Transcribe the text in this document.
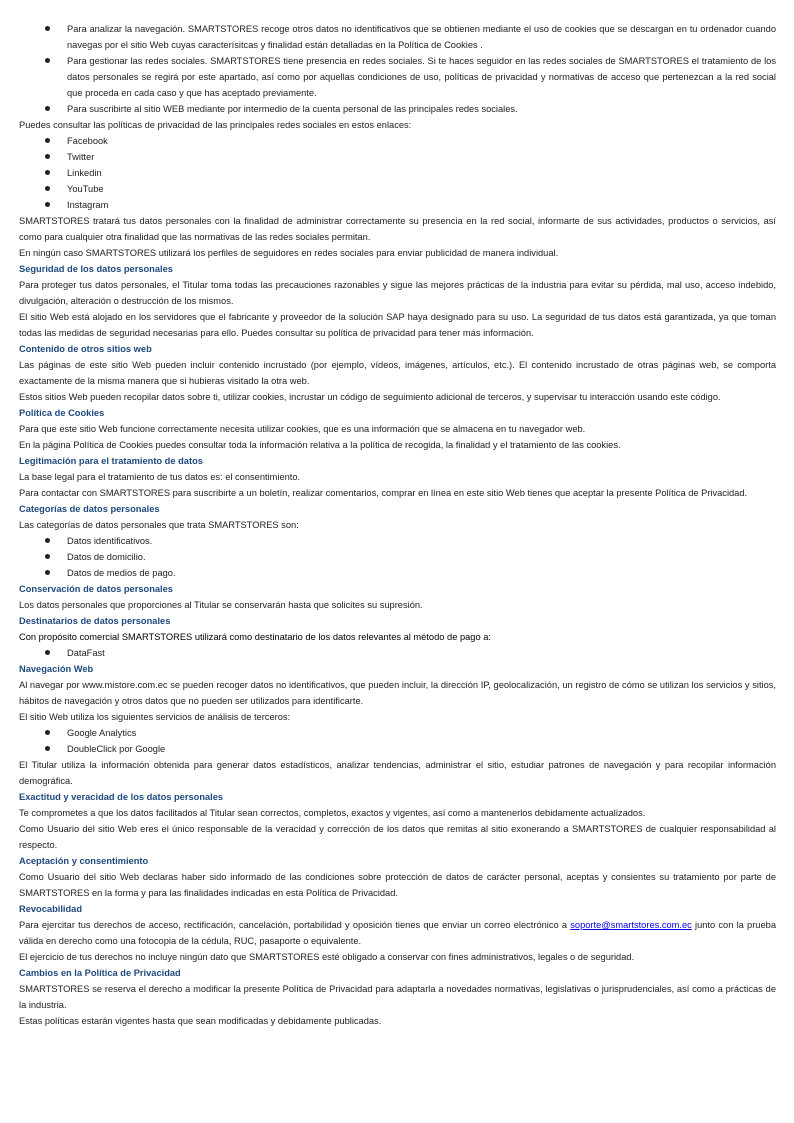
Para analizar la navegación. SMARTSTORES recoge otros datos no identificativos que se obtienen mediante el uso de cookies que se descargan en tu ordenador cuando navegas por el sitio Web cuyas caracterísitcas y finalidad están detalladas en la Política de Cookies .

Para gestionar las redes sociales. SMARTSTORES tiene presencia en redes sociales. Si te haces seguidor en las redes sociales de SMARTSTORES el tratamiento de los datos personales se regirá por este apartado, así como por aquellas condiciones de uso, políticas de privacidad y normativas de acceso que pertenezcan a la red social que proceda en cada caso y que has aceptado previamente.

Para suscribirte al sitio WEB mediante por intermedio de la cuenta personal de las principales redes sociales.

Puedes consultar las políticas de privacidad de las principales redes sociales en estos enlaces:

Facebook

Twitter

Linkedin

YouTube

Instagram

SMARTSTORES tratará tus datos personales con la finalidad de administrar correctamente su presencia en la red social, informarte de sus actividades, productos o servicios, así como para cualquier otra finalidad que las normativas de las redes sociales permitan.

En ningún caso SMARTSTORES utilizará los perfiles de seguidores en redes sociales para enviar publicidad de manera individual.

Seguridad de los datos personales

Para proteger tus datos personales, el Titular toma todas las precauciones razonables y sigue las mejores prácticas de la industria para evitar su pérdida, mal uso, acceso indebido, divulgación, alteración o destrucción de los mismos.

El sitio Web está alojado en los servidores que el fabricante y proveedor de la solución SAP haya designado para su uso. La seguridad de tus datos está garantizada, ya que toman todas las medidas de seguridad necesarias para ello. Puedes consultar su política de privacidad para tener más información.

Contenido de otros sitios web

Las páginas de este sitio Web pueden incluir contenido incrustado (por ejemplo, vídeos, imágenes, artículos, etc.). El contenido incrustado de otras páginas web, se comporta exactamente de la misma manera que si hubieras visitado la otra web.

Estos sitios Web pueden recopilar datos sobre ti, utilizar cookies, incrustar un código de seguimiento adicional de terceros, y supervisar tu interacción usando este código.

Política de Cookies

Para que este sitio Web funcione correctamente necesita utilizar cookies, que es una información que se almacena en tu navegador web.

En la página Política de Cookies puedes consultar toda la información relativa a la política de recogida, la finalidad y el tratamiento de las cookies.

Legitimación para el tratamiento de datos

La base legal para el tratamiento de tus datos es: el consentimiento.

Para contactar con SMARTSTORES para suscribirte a un boletín, realizar comentarios, comprar en línea en este sitio Web tienes que aceptar la presente Política de Privacidad.

Categorías de datos personales

Las categorías de datos personales que trata SMARTSTORES son:

Datos identificativos.

Datos de domicilio.

Datos de medios de pago.

Conservación de datos personales

Los datos personales que proporciones al Titular se conservarán hasta que solicites su supresión.

Destinatarios de datos personales

Con propósito comercial SMARTSTORES utilizará como destinatario de los datos relevantes al método de pago a:

DataFast

Navegación Web

Al navegar por www.mistore.com.ec se pueden recoger datos no identificativos, que pueden incluir, la dirección IP, geolocalización, un registro de cómo se utilizan los servicios y sitios, hábitos de navegación y otros datos que no pueden ser utilizados para identificarte.

El sitio Web utiliza los siguientes servicios de análisis de terceros:

Google Analytics

DoubleClick por Google

El Titular utiliza la información obtenida para generar datos estadísticos, analizar tendencias, administrar el sitio, estudiar patrones de navegación y para recopilar información demográfica.

Exactitud y veracidad de los datos personales

Te comprometes a que los datos facilitados al Titular sean correctos, completos, exactos y vigentes, así como a mantenerlos debidamente actualizados.

Como Usuario del sitio Web eres el único responsable de la veracidad y corrección de los datos que remitas al sitio exonerando a SMARTSTORES de cualquier responsabilidad al respecto.

Aceptación y consentimiento

Como Usuario del sitio Web declaras haber sido informado de las condiciones sobre protección de datos de carácter personal, aceptas y consientes su tratamiento por parte de SMARTSTORES en la forma y para las finalidades indicadas en esta Política de Privacidad.

Revocabilidad

Para ejercitar tus derechos de acceso, rectificación, cancelación, portabilidad y oposición tienes que enviar un correo electrónico a soporte@smartstores.com.ec junto con la prueba válida en derecho como una fotocopia de la cédula, RUC, pasaporte o equivalente.

El ejercicio de tus derechos no incluye ningún dato que SMARTSTORES esté obligado a conservar con fines administrativos, legales o de seguridad.

Cambios en la Política de Privacidad

SMARTSTORES se reserva el derecho a modificar la presente Política de Privacidad para adaptarla a novedades normativas, legislativas o jurisprudenciales, así como a prácticas de la industria.

Estas políticas estarán vigentes hasta que sean modificadas y debidamente publicadas.
